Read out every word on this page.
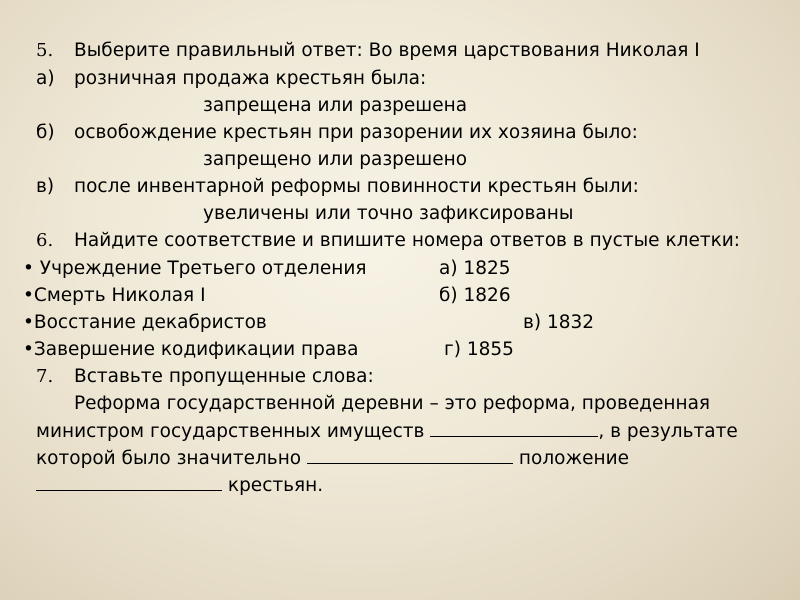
5. Выберите правильный ответ: Во время царствования Николая I
а) розничная продажа крестьян была:
запрещена или разрешена
б) освобождение крестьян при разорении их хозяина было:
запрещено или разрешено
в) после инвентарной реформы повинности крестьян были:
увеличены или точно зафиксированы
6. Найдите соответствие и впишите номера ответов в пустые клетки:
• Учреждение Третьего отделения	а) 1825
•Смерть Николая I	б) 1826
•Восстание декабристов	в) 1832
•Завершение кодификации права	г) 1855
7. Вставьте пропущенные слова:
Реформа государственной деревни – это реформа, проведенная
министром государственных имуществ	, в результате
которой было значительно	положение
крестьян.
